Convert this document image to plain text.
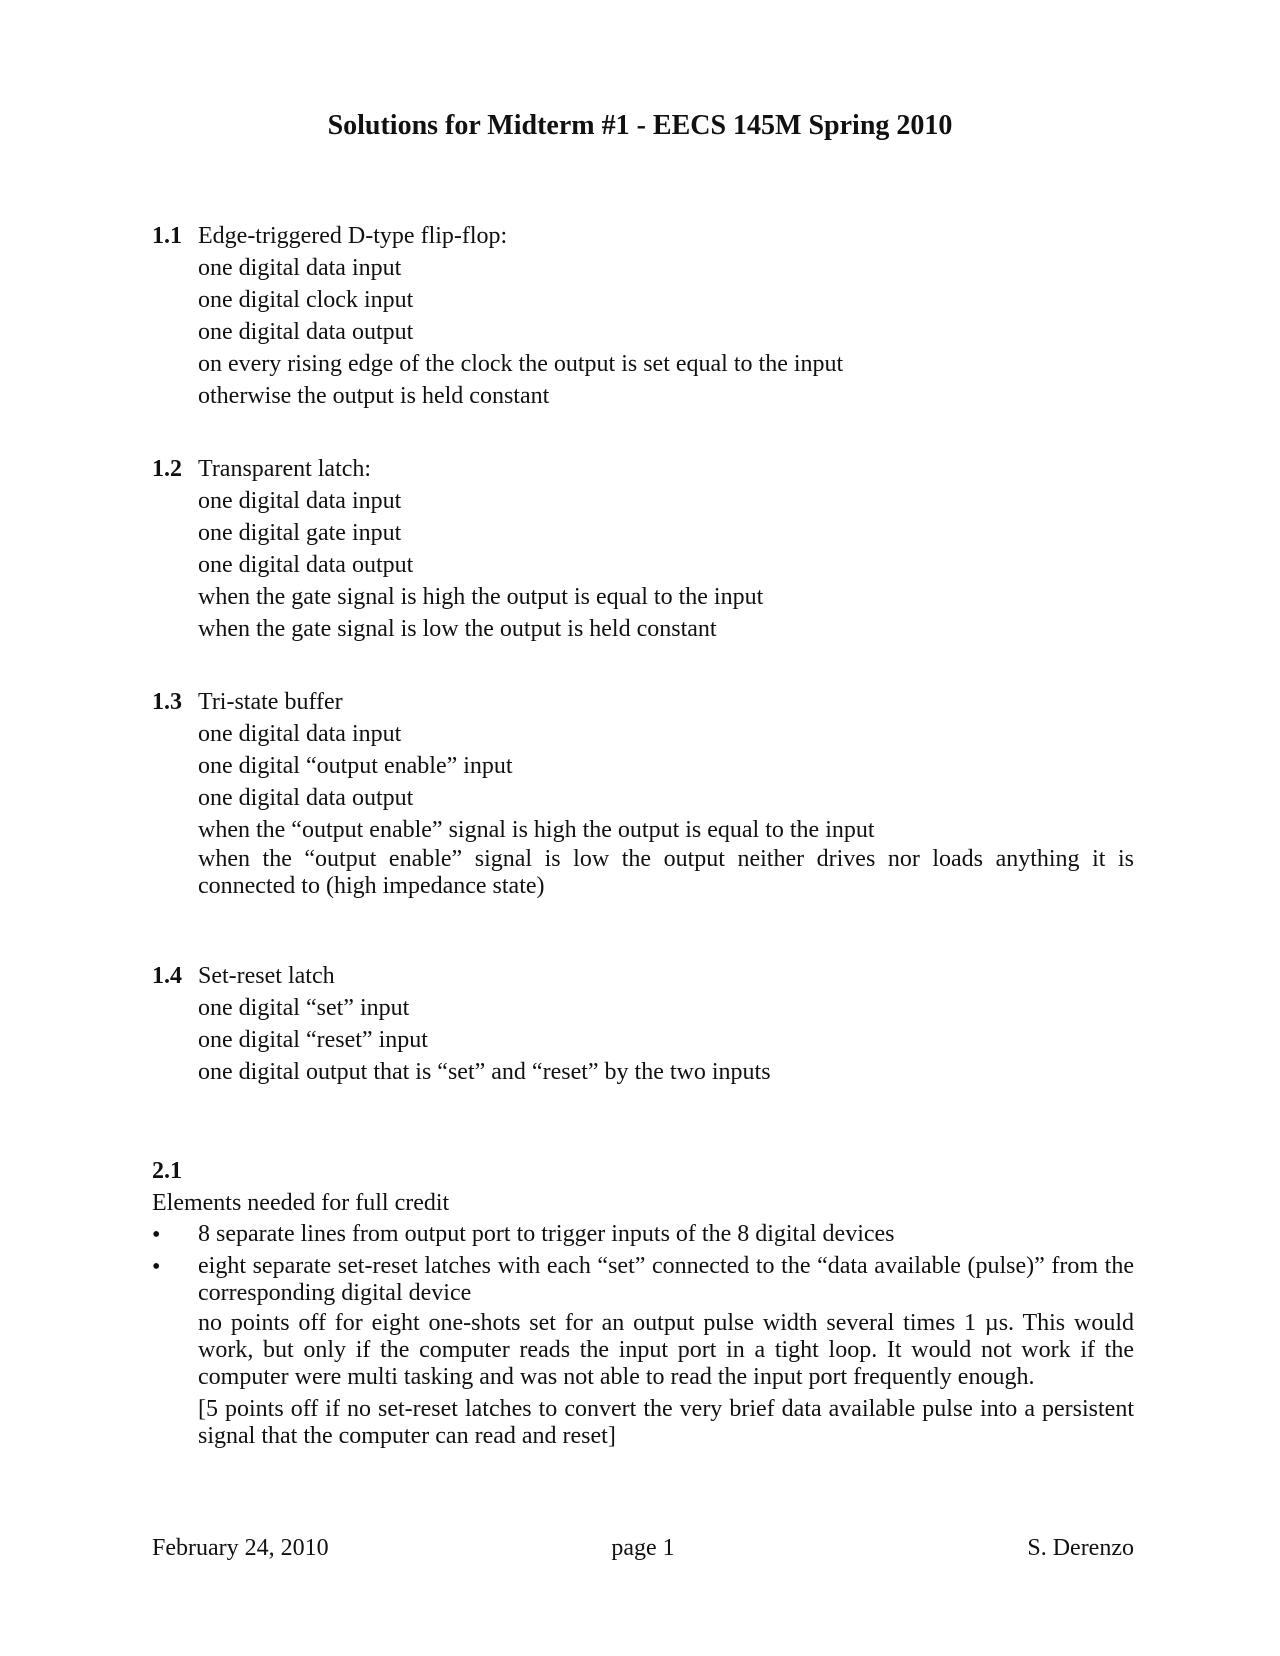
Solutions for Midterm #1 - EECS 145M Spring 2010
1.1 Edge-triggered D-type flip-flop:
one digital data input
one digital clock input
one digital data output
on every rising edge of the clock the output is set equal to the input
otherwise the output is held constant
1.2 Transparent latch:
one digital data input
one digital gate input
one digital data output
when the gate signal is high the output is equal to the input
when the gate signal is low the output is held constant
1.3 Tri-state buffer
one digital data input
one digital “output enable” input
one digital data output
when the “output enable” signal is high the output is equal to the input
when the “output enable” signal is low the output neither drives nor loads anything it is connected to (high impedance state)
1.4 Set-reset latch
one digital “set” input
one digital “reset” input
one digital output that is “set” and “reset” by the two inputs
2.1
Elements needed for full credit
•	8 separate lines from output port to trigger inputs of the 8 digital devices
•	eight separate set-reset latches with each “set” connected to the “data available (pulse)” from the corresponding digital device
no points off for eight one-shots set for an output pulse width several times 1 µs. This would work, but only if the computer reads the input port in a tight loop. It would not work if the computer were multi tasking and was not able to read the input port frequently enough.
[5 points off if no set-reset latches to convert the very brief data available pulse into a persistent signal that the computer can read and reset]
February 24, 2010	page 1	S. Derenzo
